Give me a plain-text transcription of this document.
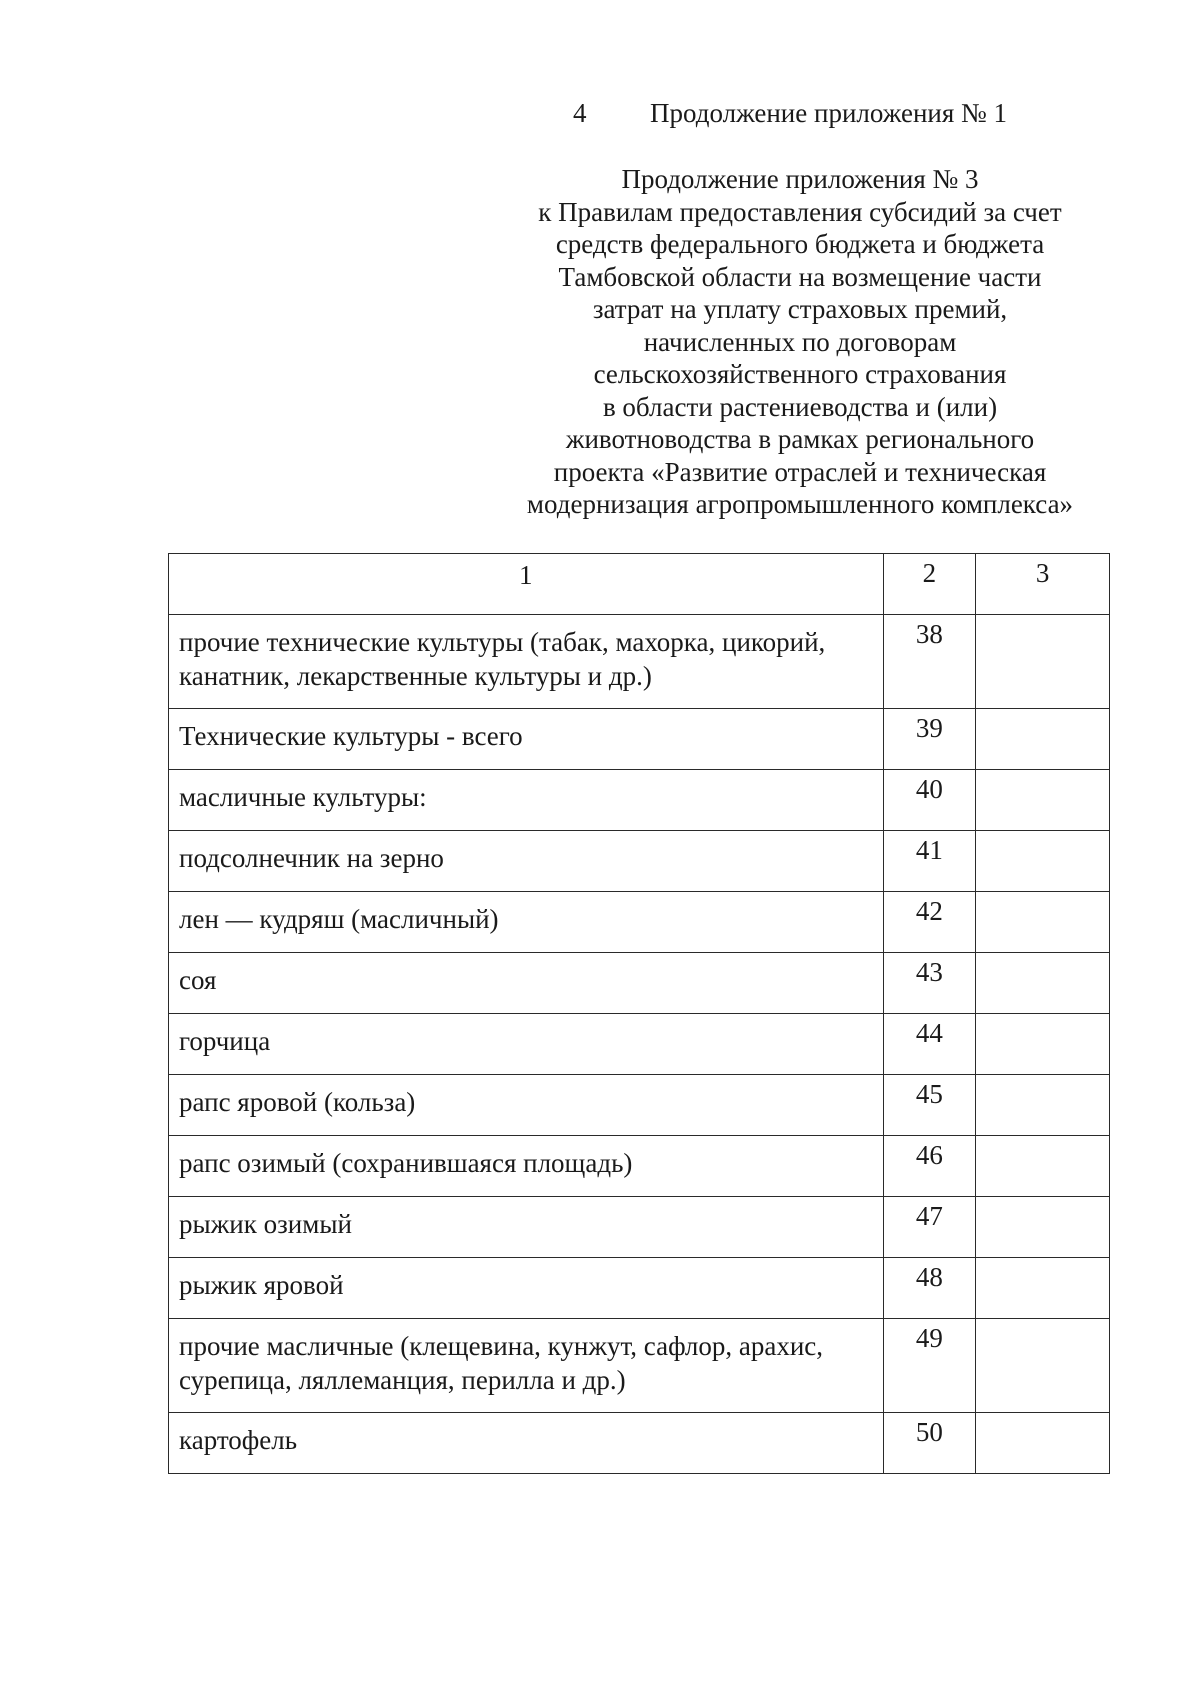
4 Продолжение приложения № 1
Продолжение приложения № 3
к Правилам предоставления субсидий за счет
средств федерального бюджета и бюджета
Тамбовской области на возмещение части
затрат на уплату страховых премий,
начисленных по договорам
сельскохозяйственного страхования
в области растениеводства и (или)
животноводства в рамках регионального
проекта «Развитие отраслей и техническая
модернизация агропромышленного комплекса»
1	2	3

прочие технические культуры (табак, махорка, цикорий, канатник, лекарственные культуры и др.)	38	

Технические культуры - всего	39	

масличные культуры:	40	

подсолнечник на зерно	41	

лен — кудряш (масличный)	42	

соя	43	

горчица	44	

рапс яровой (кольза)	45	

рапс озимый (сохранившаяся площадь)	46	

рыжик озимый	47	

рыжик яровой	48	

прочие масличные (клещевина, кунжут, сафлор, арахис, сурепица, ляллеманция, перилла и др.)	49	

картофель	50	
